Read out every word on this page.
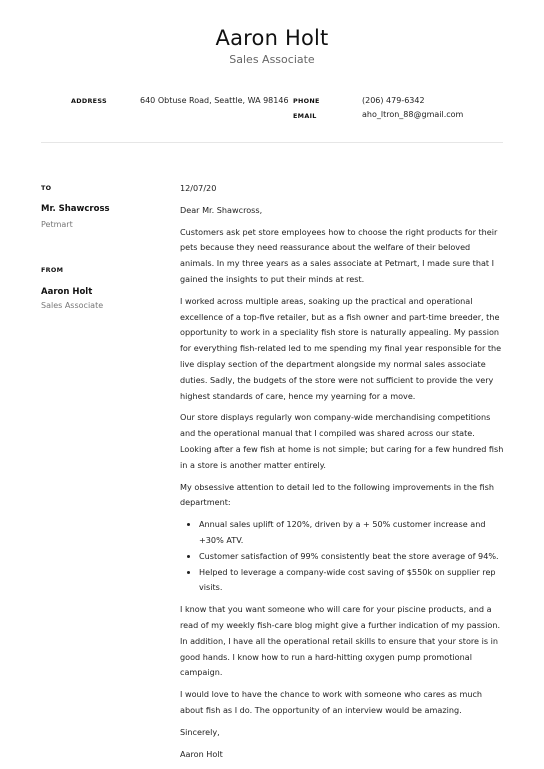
Aaron Holt
Sales Associate
ADDRESS	640 Obtuse Road, Seattle, WA 98146 PHONE	(206) 479-6342
EMAIL	aho_ltron_88@gmail.com
TO
Mr. Shawcross
Petmart
FROM
Aaron Holt
Sales Associate

12/07/20

Dear Mr. Shawcross,

Customers ask pet store employees how to choose the right products for their pets because they need reassurance about the welfare of their beloved animals. In my three years as a sales associate at Petmart, I made sure that I gained the insights to put their minds at rest.

I worked across multiple areas, soaking up the practical and operational excellence of a top-five retailer, but as a fish owner and part-time breeder, the opportunity to work in a speciality fish store is naturally appealing. My passion for everything fish-related led to me spending my final year responsible for the live display section of the department alongside my normal sales associate duties. Sadly, the budgets of the store were not sufficient to provide the very highest standards of care, hence my yearning for a move.

Our store displays regularly won company-wide merchandising competitions and the operational manual that I compiled was shared across our state. Looking after a few fish at home is not simple; but caring for a few hundred fish in a store is another matter entirely.

My obsessive attention to detail led to the following improvements in the fish department:

• Annual sales uplift of 120%, driven by a + 50% customer increase and +30% ATV.
• Customer satisfaction of 99% consistently beat the store average of 94%.
• Helped to leverage a company-wide cost saving of $550k on supplier rep visits.

I know that you want someone who will care for your piscine products, and a read of my weekly fish-care blog might give a further indication of my passion. In addition, I have all the operational retail skills to ensure that your store is in good hands. I know how to run a hard-hitting oxygen pump promotional campaign.

I would love to have the chance to work with someone who cares as much about fish as I do. The opportunity of an interview would be amazing.

Sincerely,

Aaron Holt
